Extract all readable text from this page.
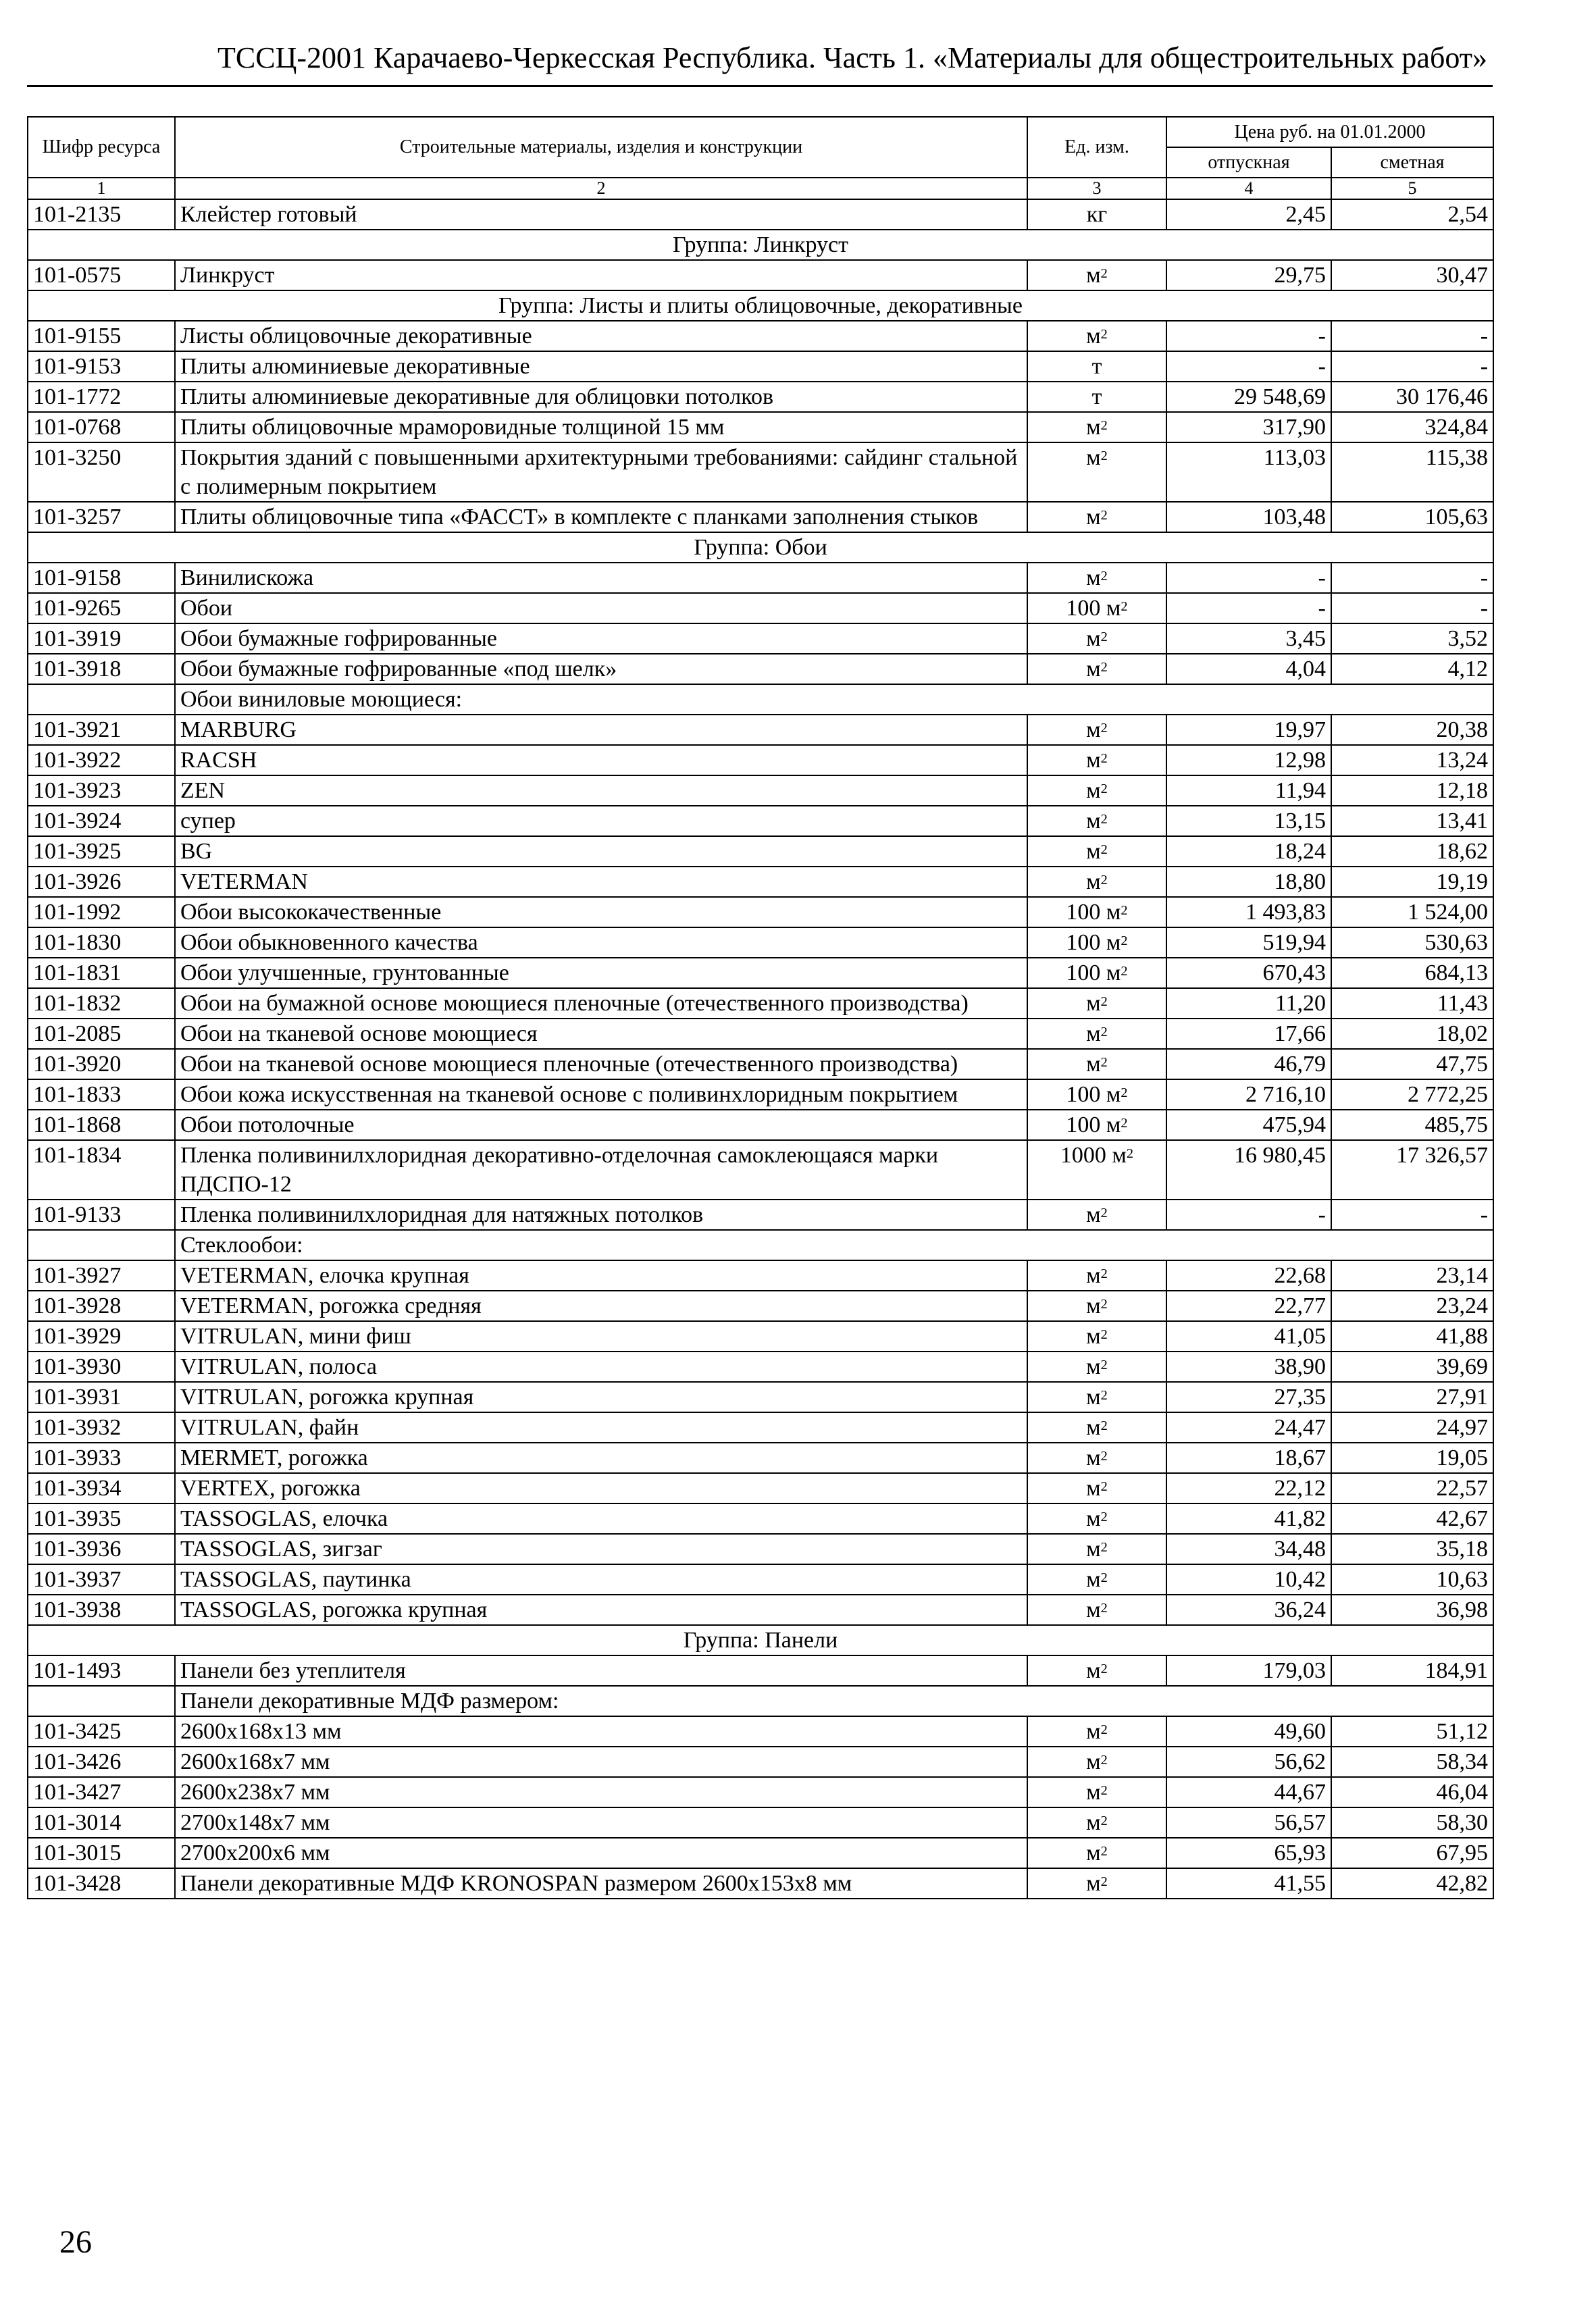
ТССЦ-2001 Карачаево-Черкесская Республика. Часть 1. «Материалы для общестроительных работ»
Шифр ресурса	Строительные материалы, изделия и конструкции	Ед. изм.	Цена руб. на 01.01.2000	
			отпускная	сметная
1	2	3	4	5
101-2135	Клейстер готовый	кг	2,45	2,54
Группа: Линкруст				
101-0575	Линкруст	$м^2$	29,75	30,47
Группа: Листы и плиты облицовочные, декоративные				
101-9155	Листы облицовочные декоративные	$м^2$	-	-
101-9153	Плиты алюминиевые декоративные	т	-	-
101-1772	Плиты алюминиевые декоративные для облицовки потолков	т	29 548,69	30 176,46
101-0768	Плиты облицовочные мраморовидные толщиной 15 мм	$м^2$	317,90	324,84
101-3250	Покрытия зданий с повышенными архитектурными требованиями: сайдинг стальной с полимерным покрытием	$м^2$	113,03	115,38
101-3257	Плиты облицовочные типа «ФАССТ» в комплекте с планками заполнения стыков	$м^2$	103,48	105,63
Группа: Обои				
101-9158	Винилискожа	$м^2$	-	-
101-9265	Обои	100 $м^2$	-	-
101-3919	Обои бумажные гофрированные	$м^2$	3,45	3,52
101-3918	Обои бумажные гофрированные «под шелк»	$м^2$	4,04	4,12
	Обои виниловые моющиеся:			
101-3921	MARBURG	$м^2$	19,97	20,38
101-3922	RACSH	$м^2$	12,98	13,24
101-3923	ZEN	$м^2$	11,94	12,18
101-3924	супер	$м^2$	13,15	13,41
101-3925	BG	$м^2$	18,24	18,62
101-3926	VETERMAN	$м^2$	18,80	19,19
101-1992	Обои высококачественные	100 $м^2$	1 493,83	1 524,00
101-1830	Обои обыкновенного качества	100 $м^2$	519,94	530,63
101-1831	Обои улучшенные, грунтованные	100 $м^2$	670,43	684,13
101-1832	Обои на бумажной основе моющиеся пленочные (отечественного производства)	$м^2$	11,20	11,43
101-2085	Обои на тканевой основе моющиеся	$м^2$	17,66	18,02
101-3920	Обои на тканевой основе моющиеся пленочные (отечественного производства)	$м^2$	46,79	47,75
101-1833	Обои кожа искусственная на тканевой основе с поливинхлоридным покрытием	100 $м^2$	2 716,10	2 772,25
101-1868	Обои потолочные	100 $м^2$	475,94	485,75
101-1834	Пленка поливинилхлоридная декоративно-отделочная самоклеющаяся марки ПДСПО-12	1000 $м^2$	16 980,45	17 326,57
101-9133	Пленка поливинилхлоридная для натяжных потолков	$м^2$	-	-
	Стеклообои:			
101-3927	VETERMAN, елочка крупная	$м^2$	22,68	23,14
101-3928	VETERMAN, рогожка средняя	$м^2$	22,77	23,24
101-3929	VITRULAN, мини фиш	$м^2$	41,05	41,88
101-3930	VITRULAN, полоса	$м^2$	38,90	39,69
101-3931	VITRULAN, рогожка крупная	$м^2$	27,35	27,91
101-3932	VITRULAN, файн	$м^2$	24,47	24,97
101-3933	MERMET, рогожка	$м^2$	18,67	19,05
101-3934	VERTEX, рогожка	$м^2$	22,12	22,57
101-3935	TASSOGLAS, елочка	$м^2$	41,82	42,67
101-3936	TASSOGLAS, зигзаг	$м^2$	34,48	35,18
101-3937	TASSOGLAS, паутинка	$м^2$	10,42	10,63
101-3938	TASSOGLAS, рогожка крупная	$м^2$	36,24	36,98
Группа: Панели				
101-1493	Панели без утеплителя	$м^2$	179,03	184,91
	Панели декоративные МДФ размером:			
101-3425	2600х168х13 мм	$м^2$	49,60	51,12
101-3426	2600х168х7 мм	$м^2$	56,62	58,34
101-3427	2600х238х7 мм	$м^2$	44,67	46,04
101-3014	2700х148х7 мм	$м^2$	56,57	58,30
101-3015	2700х200х6 мм	$м^2$	65,93	67,95
101-3428	Панели декоративные МДФ KRONOSPAN размером 2600х153х8 мм	$м^2$	41,55	42,82
26
